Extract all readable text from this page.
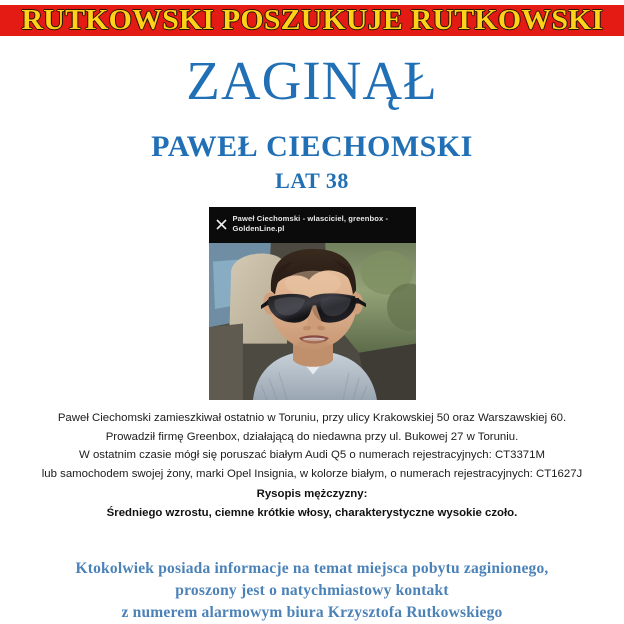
RUTKOWSKI POSZUKUJE RUTKOWSKI
ZAGINĄŁ
PAWEŁ CIECHOMSKI
LAT 38
Paweł Ciechomski - wlasciciel, greenbox - GoldenLine.pl
Paweł Ciechomski zamieszkiwał ostatnio w Toruniu, przy ulicy Krakowskiej 50 oraz Warszawskiej 60.
Prowadził firmę Greenbox, działającą do niedawna przy ul. Bukowej 27 w Toruniu.
W ostatnim czasie mógł się poruszać białym Audi Q5 o numerach rejestracyjnych: CT3371M
lub samochodem swojej żony, marki Opel Insignia, w kolorze białym, o numerach rejestracyjnych: CT1627J
Rysopis mężczyzny:
Średniego wzrostu, ciemne krótkie włosy, charakterystyczne wysokie czoło.
Ktokolwiek posiada informacje na temat miejsca pobytu zaginionego,
proszony jest o natychmiastowy kontakt
z numerem alarmowym biura Krzysztofa Rutkowskiego
